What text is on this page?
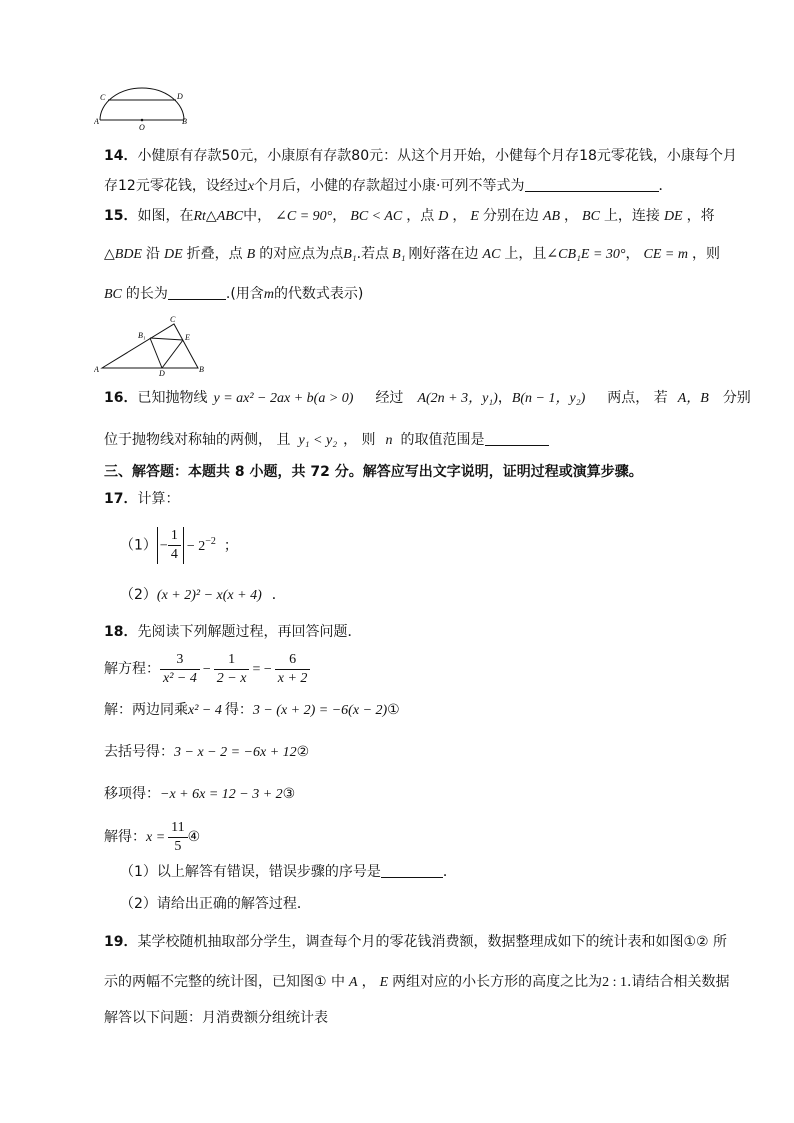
C	D
A
O
B
14．小健原有存款50元，小康原有存款80元：从这个月开始，小健每个月存18元零花钱，小康每个月
存12元零花钱，设经过x个月后，小健的存款超过小康·可列不等式为	．
15．如图，在Rt△ABC中， ∠C = 90°， BC < AC ，点 D ， E 分别在边 AB ， BC 上，连接 DE ，将
△BDE 沿 DE 折叠，点 B 的对应点为点B₁.若点 B₁ 刚好落在边 AC 上，且∠CB₁E = 30°， CE = m ，则
BC 的长为	.(用含m的代数式表示)
C
B₁	E
A	D	B
16．已知抛物线 y = ax² − 2ax + b(a > 0) 经过 A(2n + 3，y₁)，B(n − 1，y₂) 两点， 若 A，B 分别
位于抛物线对称轴的两侧， 且 y₁ < y₂ ， 则 n 的取值范围是
三、解答题：本题共 8 小题，共 72 分。解答应写出文字说明，证明过程或演算步骤。
17．计算：
$(1) - \frac{1}{4} - 2^{-2}$ ；
（2）(x + 2)² − x(x + 4) ．
18．先阅读下列解题过程，再回答问题．
解方程： $\frac{3}{\text{x² − 4}} - \frac{1}{2 - x}$ = − $\frac{6}{x + 2}$
解：两边同乘x² − 4 得：3 − (x + 2) = −6(x − 2)①
去括号得：3 − x − 2 = −6x + 12②
移项得：−x + 6x = 12 − 3 + 2③
解得：$x = \frac{11}{5}$ ④
（1）以上解答有错误，错误步骤的序号是	．
（2）请给出正确的解答过程．
19．某学校随机抽取部分学生，调查每个月的零花钱消费额，数据整理成如下的统计表和如图①② 所
示的两幅不完整的统计图，已知图① 中 A ， E 两组对应的小长方形的高度之比为2 : 1.请结合相关数据
解答以下问题：月消费额分组统计表
